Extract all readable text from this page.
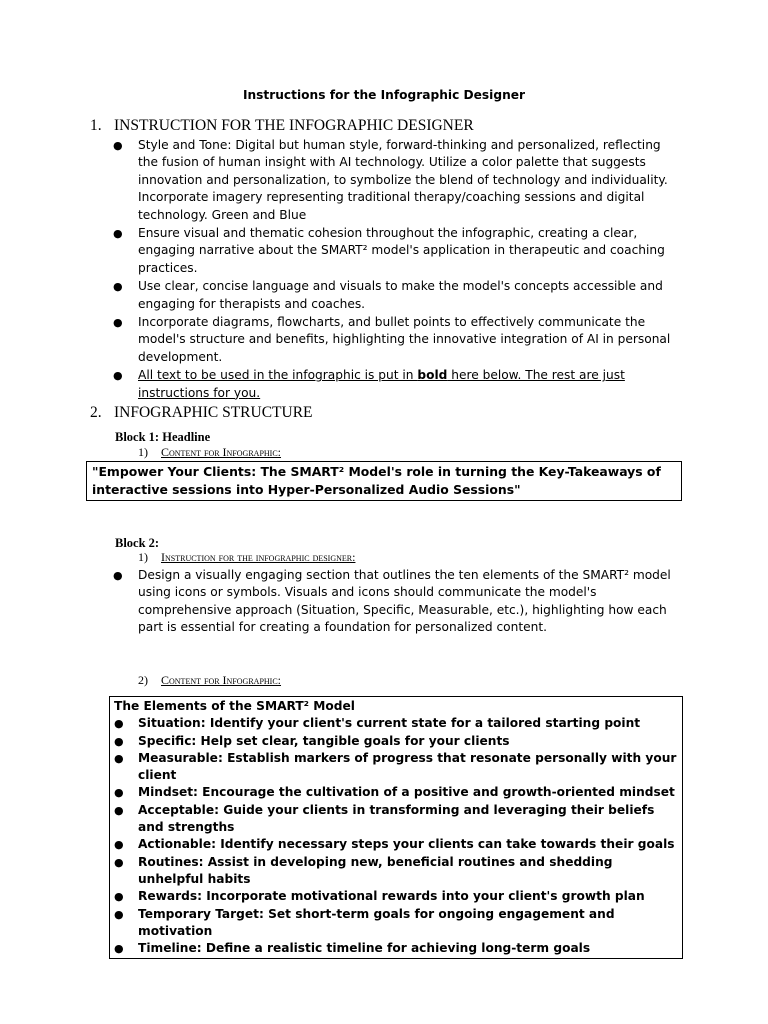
Instructions for the Infographic Designer
1. INSTRUCTION FOR THE INFOGRAPHIC DESIGNER
● Style and Tone: Digital but human style, forward-thinking and personalized, reflecting the fusion of human insight with AI technology. Utilize a color palette that suggests innovation and personalization, to symbolize the blend of technology and individuality. Incorporate imagery representing traditional therapy/coaching sessions and digital technology. Green and Blue
● Ensure visual and thematic cohesion throughout the infographic, creating a clear, engaging narrative about the SMART² model's application in therapeutic and coaching practices.
● Use clear, concise language and visuals to make the model's concepts accessible and engaging for therapists and coaches.
● Incorporate diagrams, flowcharts, and bullet points to effectively communicate the model's structure and benefits, highlighting the innovative integration of AI in personal development.
● All text to be used in the infographic is put in bold here below. The rest are just instructions for you.
2. INFOGRAPHIC STRUCTURE
Block 1: Headline
1) Content for Infographic:
"Empower Your Clients: The SMART² Model's role in turning the Key-Takeaways of interactive sessions into Hyper-Personalized Audio Sessions"
Block 2:
1) Instruction for the infographic designer:
● Design a visually engaging section that outlines the ten elements of the SMART² model using icons or symbols. Visuals and icons should communicate the model's comprehensive approach (Situation, Specific, Measurable, etc.), highlighting how each part is essential for creating a foundation for personalized content.
2) Content for Infographic:
The Elements of the SMART² Model
● Situation: Identify your client's current state for a tailored starting point
● Specific: Help set clear, tangible goals for your clients
● Measurable: Establish markers of progress that resonate personally with your client
● Mindset: Encourage the cultivation of a positive and growth-oriented mindset
● Acceptable: Guide your clients in transforming and leveraging their beliefs and strengths
● Actionable: Identify necessary steps your clients can take towards their goals
● Routines: Assist in developing new, beneficial routines and shedding unhelpful habits
● Rewards: Incorporate motivational rewards into your client's growth plan
● Temporary Target: Set short-term goals for ongoing engagement and motivation
● Timeline: Define a realistic timeline for achieving long-term goals
